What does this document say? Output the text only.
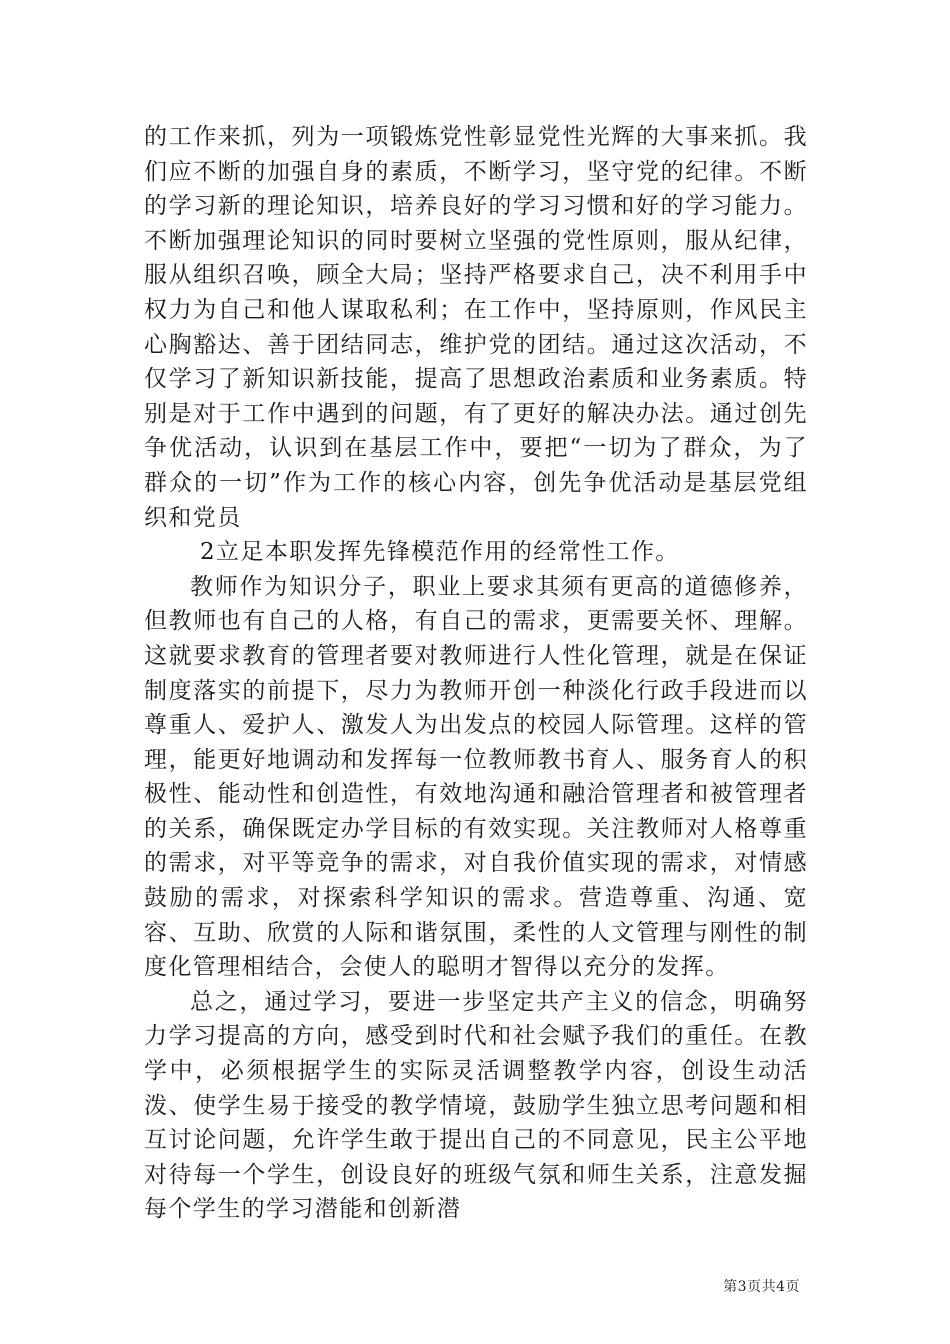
的工作来抓，列为一项锻炼党性彰显党性光辉的大事来抓。我们应不断的加强自身的素质，不断学习，坚守党的纪律。不断的学习新的理论知识，培养良好的学习习惯和好的学习能力。不断加强理论知识的同时要树立坚强的党性原则，服从纪律，服从组织召唤，顾全大局；坚持严格要求自己，决不利用手中权力为自己和他人谋取私利；在工作中，坚持原则，作风民主心胸豁达、善于团结同志，维护党的团结。通过这次活动，不仅学习了新知识新技能，提高了思想政治素质和业务素质。特别是对于工作中遇到的问题，有了更好的解决办法。通过创先争优活动，认识到在基层工作中，要把“一切为了群众，为了群众的一切”作为工作的核心内容，创先争优活动是基层党组织和党员

2立足本职发挥先锋模范作用的经常性工作。

教师作为知识分子，职业上要求其须有更高的道德修养，但教师也有自己的人格，有自己的需求，更需要关怀、理解。这就要求教育的管理者要对教师进行人性化管理，就是在保证制度落实的前提下，尽力为教师开创一种淡化行政手段进而以尊重人、爱护人、激发人为出发点的校园人际管理。这样的管理，能更好地调动和发挥每一位教师教书育人、服务育人的积极性、能动性和创造性，有效地沟通和融洽管理者和被管理者的关系，确保既定办学目标的有效实现。关注教师对人格尊重的需求，对平等竞争的需求，对自我价值实现的需求，对情感鼓励的需求，对探索科学知识的需求。营造尊重、沟通、宽容、互助、欣赏的人际和谐氛围，柔性的人文管理与刚性的制度化管理相结合，会使人的聪明才智得以充分的发挥。

总之，通过学习，要进一步坚定共产主义的信念，明确努力学习提高的方向，感受到时代和社会赋予我们的重任。在教学中，必须根据学生的实际灵活调整教学内容，创设生动活泼、使学生易于接受的教学情境，鼓励学生独立思考问题和相互讨论问题，允许学生敢于提出自己的不同意见，民主公平地对待每一个学生，创设良好的班级气氛和师生关系，注意发掘每个学生的学习潜能和创新潜

第3页共4页
